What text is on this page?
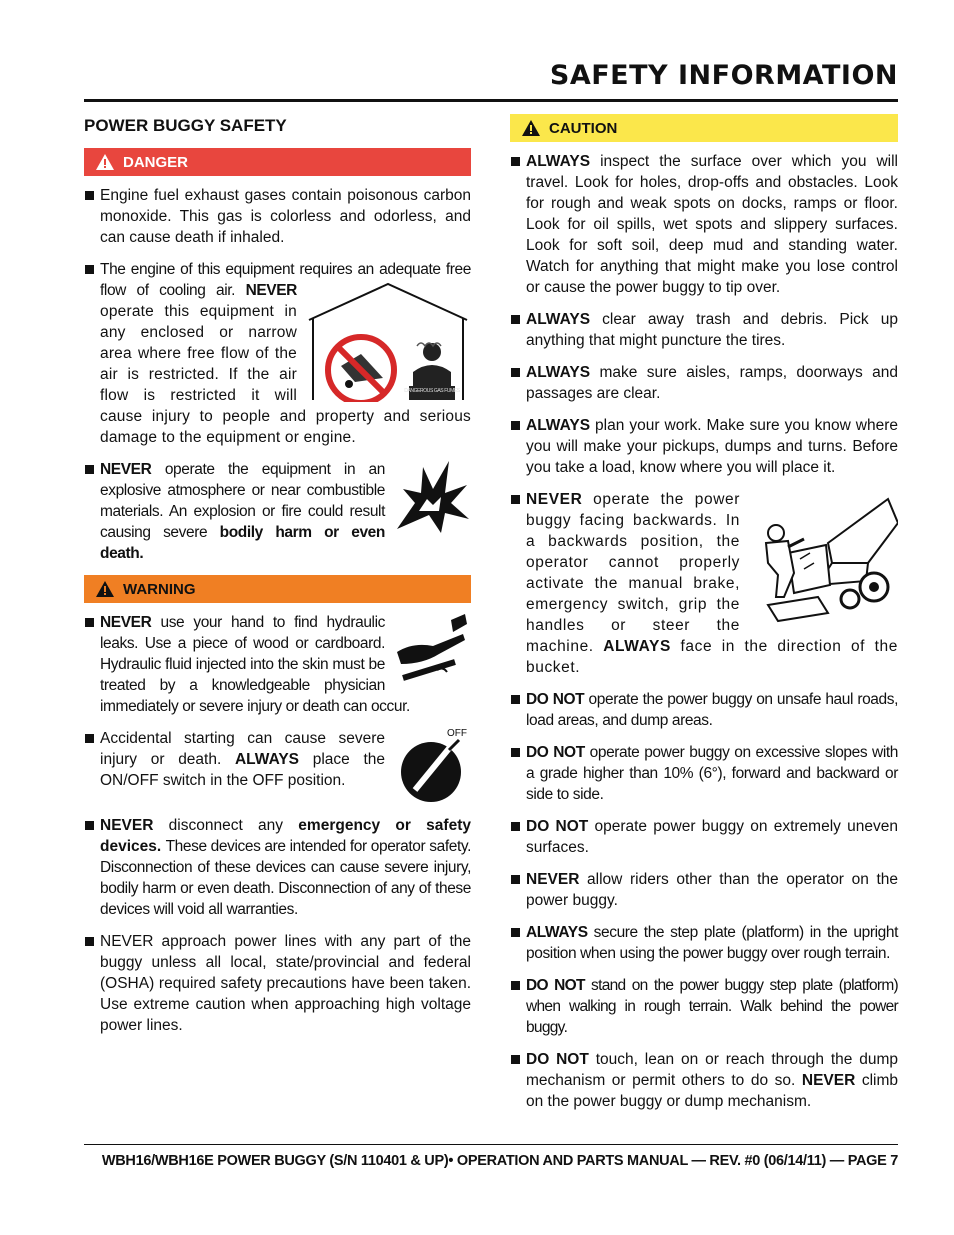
SAFETY INFORMATION
POWER BUGGY SAFETY
DANGER

Engine fuel exhaust gases contain poisonous carbon monoxide. This gas is colorless and odorless, and can cause death if inhaled.

The engine of this equipment requires an adequate free flow of cooling air. NEVER
DANGEROUS GAS FUMES
operate this equipment in any enclosed or narrow area where free flow of the air is restricted. If the air flow is restricted it will cause injury to people and property and serious damage to the equipment or engine.
NEVER operate the equipment in an explosive atmosphere or near combustible materials. An explosion or fire could result causing severe bodily harm or even death.
WARNING
NEVER use your hand to find hydraulic leaks. Use a piece of wood or cardboard. Hydraulic fluid injected into the skin must be treated by a knowledgeable physician immediately or severe injury or death can occur.
OFF
Accidental starting can cause severe injury or death. ALWAYS place the ON/OFF switch in the OFF position.

NEVER disconnect any emergency or safety devices. These devices are intended for operator safety. Disconnection of these devices can cause severe injury, bodily harm or even death. Disconnection of any of these devices will void all warranties.

NEVER approach power lines with any part of the buggy unless all local, state/provincial and federal (OSHA) required safety precautions have been taken. Use extreme caution when approaching high voltage power lines.

CAUTION

ALWAYS inspect the surface over which you will travel. Look for holes, drop-offs and obstacles. Look for rough and weak spots on docks, ramps or floor. Look for oil spills, wet spots and slippery surfaces. Look for soft soil, deep mud and standing water. Watch for anything that might make you lose control or cause the power buggy to tip over.

ALWAYS clear away trash and debris. Pick up anything that might puncture the tires.

ALWAYS make sure aisles, ramps, doorways and passages are clear.

ALWAYS plan your work. Make sure you know where you will make your pickups, dumps and turns. Before you take a load, know where you will place it.

NEVER operate the power buggy facing backwards. In a backwards position, the operator cannot properly activate the manual brake, emergency switch, grip the handles or steer the machine. ALWAYS face in the direction of the bucket.

DO NOT operate the power buggy on unsafe haul roads, load areas, and dump areas.

DO NOT operate power buggy on excessive slopes with a grade higher than 10% (6°), forward and backward or side to side.

DO NOT operate power buggy on extremely uneven surfaces.

NEVER allow riders other than the operator on the power buggy.

ALWAYS secure the step plate (platform) in the upright position when using the power buggy over rough terrain.

DO NOT stand on the power buggy step plate (platform) when walking in rough terrain. Walk behind the power buggy.

DO NOT touch, lean on or reach through the dump mechanism or permit others to do so. NEVER climb on the power buggy or dump mechanism.

WBH16/WBH16E POWER BUGGY (S/N 110401 & UP)• OPERATION AND PARTS MANUAL — REV. #0 (06/14/11) — PAGE 7
